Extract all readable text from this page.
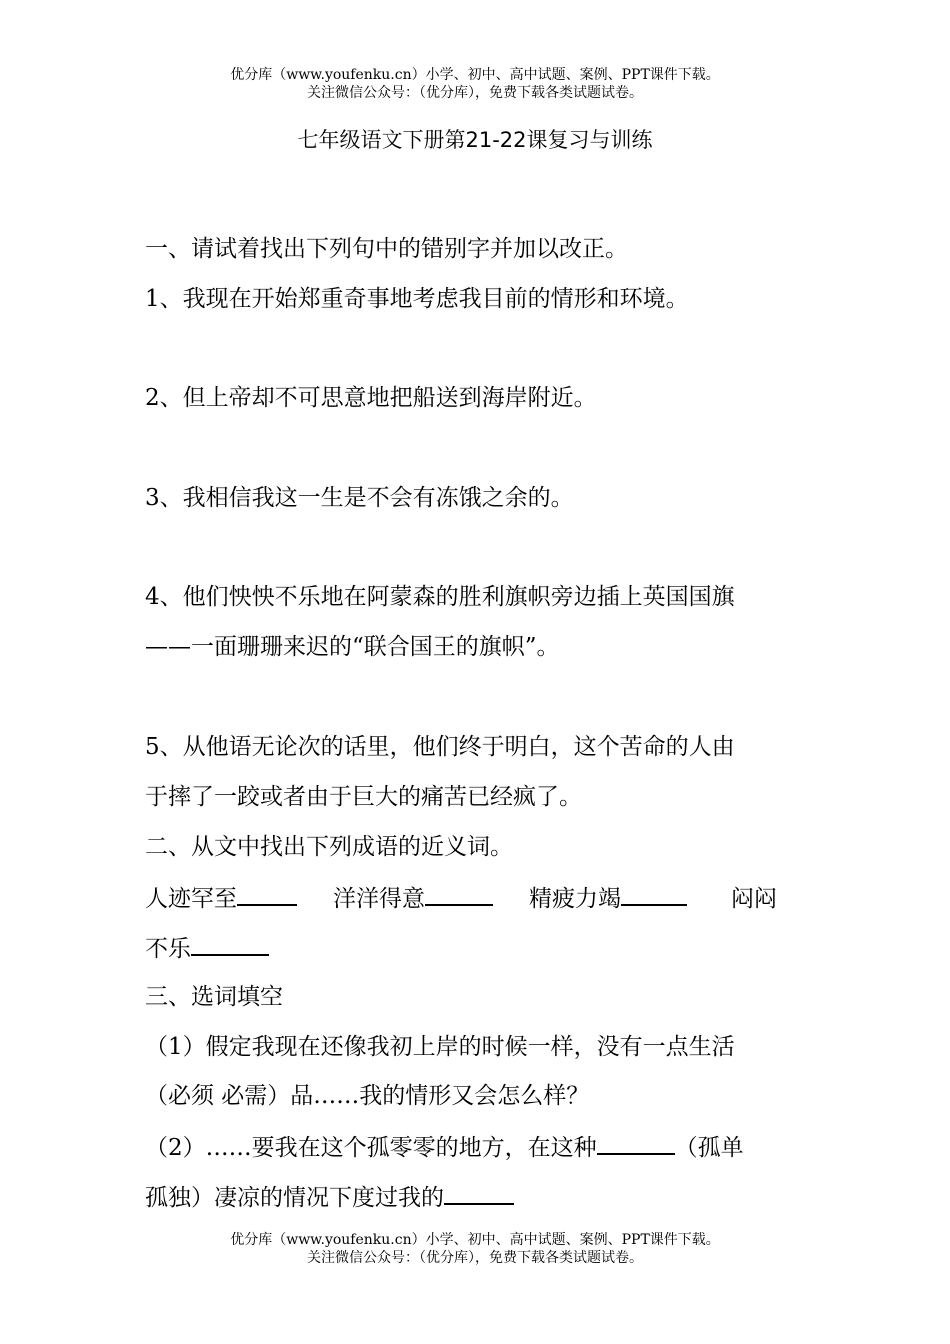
优分库（www.youfenku.cn）小学、初中、高中试题、案例、PPT课件下载。
关注微信公众号：（优分库），免费下载各类试题试卷。
七年级语文下册第21-22课复习与训练
一、请试着找出下列句中的错别字并加以改正。
1、我现在开始郑重奇事地考虑我目前的情形和环境。
2、但上帝却不可思意地把船送到海岸附近。
3、我相信我这一生是不会有冻饿之余的。
4、他们怏怏不乐地在阿蒙森的胜利旗帜旁边插上英国国旗
——一面珊珊来迟的“联合国王的旗帜”。
5、从他语无论次的话里，他们终于明白，这个苦命的人由
于摔了一跤或者由于巨大的痛苦已经疯了。
二、从文中找出下列成语的近义词。
人迹罕至	洋洋得意	精疲力竭	闷闷
不乐
三、选词填空
（1）假定我现在还像我初上岸的时候一样，没有一点生活
（必须 必需）品……我的情形又会怎么样？
（2）……要我在这个孤零零的地方，在这种	（孤单
孤独）凄凉的情况下度过我的
优分库（www.youfenku.cn）小学、初中、高中试题、案例、PPT课件下载。
关注微信公众号：（优分库），免费下载各类试题试卷。
